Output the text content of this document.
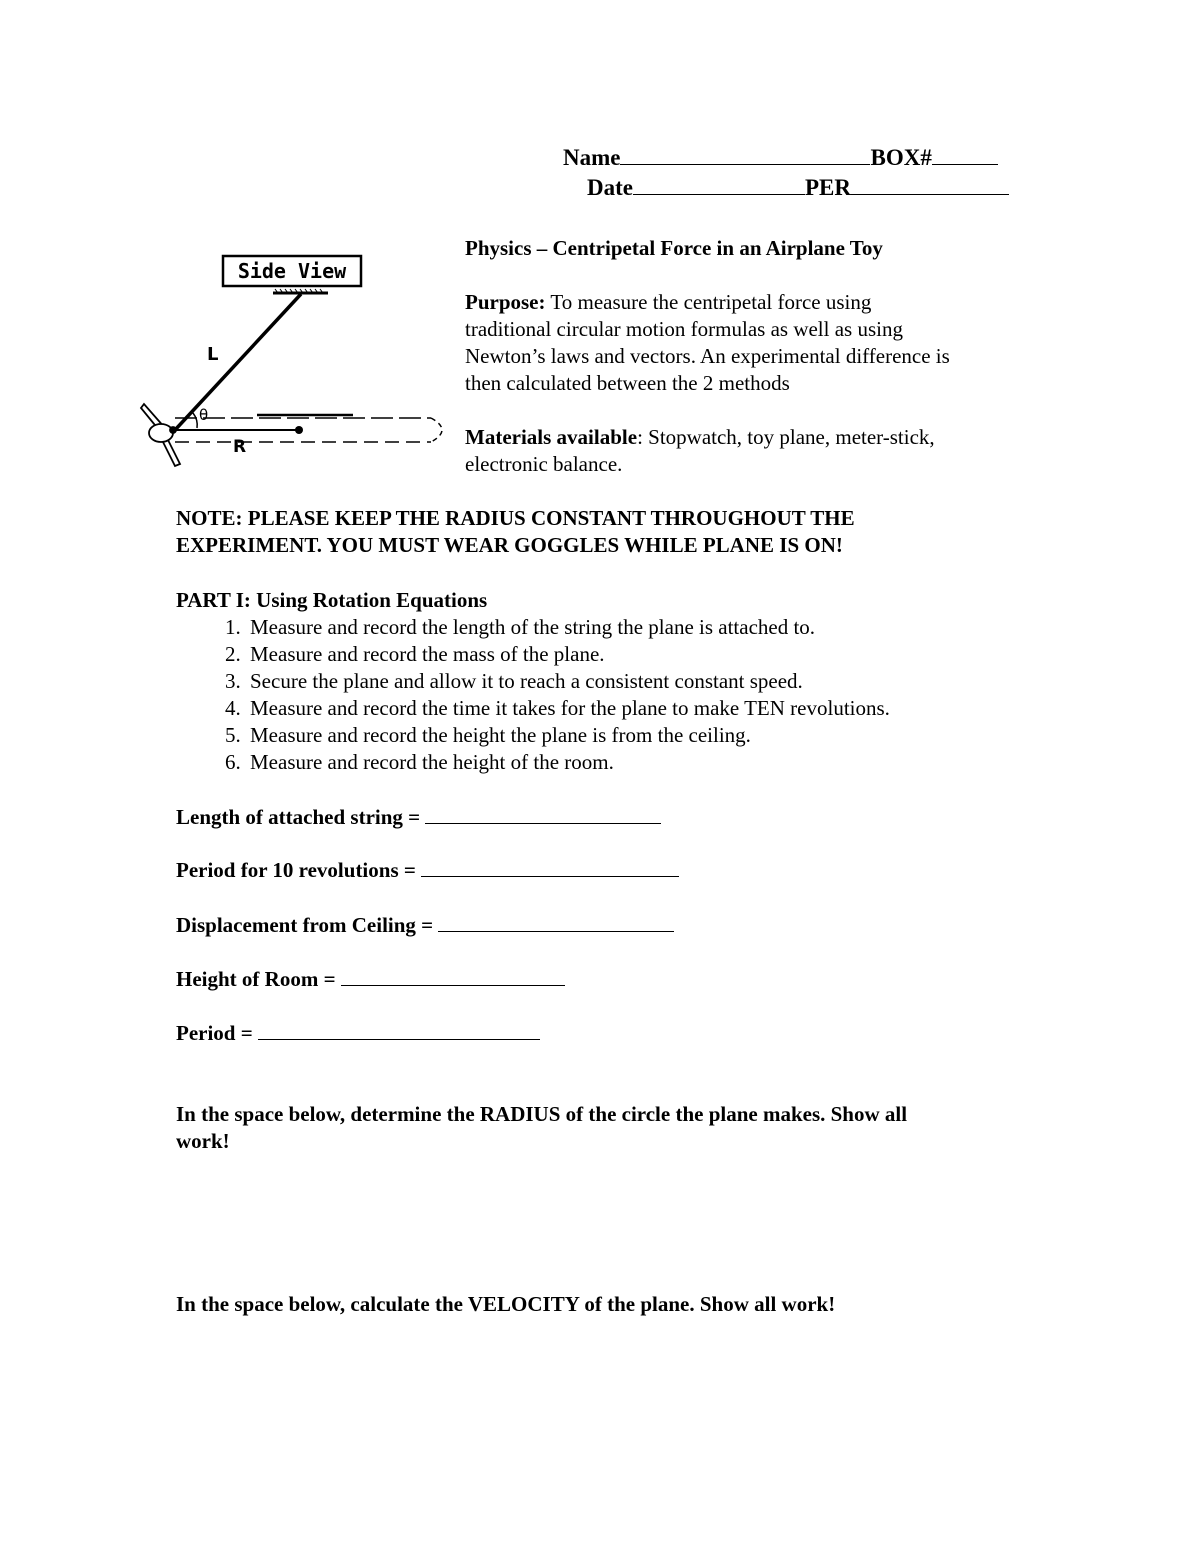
Name	BOX#
Date	PER
Side View
L
θ
R
Physics – Centripetal Force in an Airplane Toy
Purpose: To measure the centripetal force using
traditional circular motion formulas as well as using
Newton’s laws and vectors. An experimental difference is
then calculated between the 2 methods
Materials available: Stopwatch, toy plane, meter-stick,
electronic balance.
NOTE: PLEASE KEEP THE RADIUS CONSTANT THROUGHOUT THE
EXPERIMENT. YOU MUST WEAR GOGGLES WHILE PLANE IS ON!
PART I: Using Rotation Equations
1. Measure and record the length of the string the plane is attached to.
2. Measure and record the mass of the plane.
3. Secure the plane and allow it to reach a consistent constant speed.
4. Measure and record the time it takes for the plane to make TEN revolutions.
5. Measure and record the height the plane is from the ceiling.
6. Measure and record the height of the room.
Length of attached string =
Period for 10 revolutions =
Displacement from Ceiling =
Height of Room =
Period =
In the space below, determine the RADIUS of the circle the plane makes. Show all
work!
In the space below, calculate the VELOCITY of the plane. Show all work!
